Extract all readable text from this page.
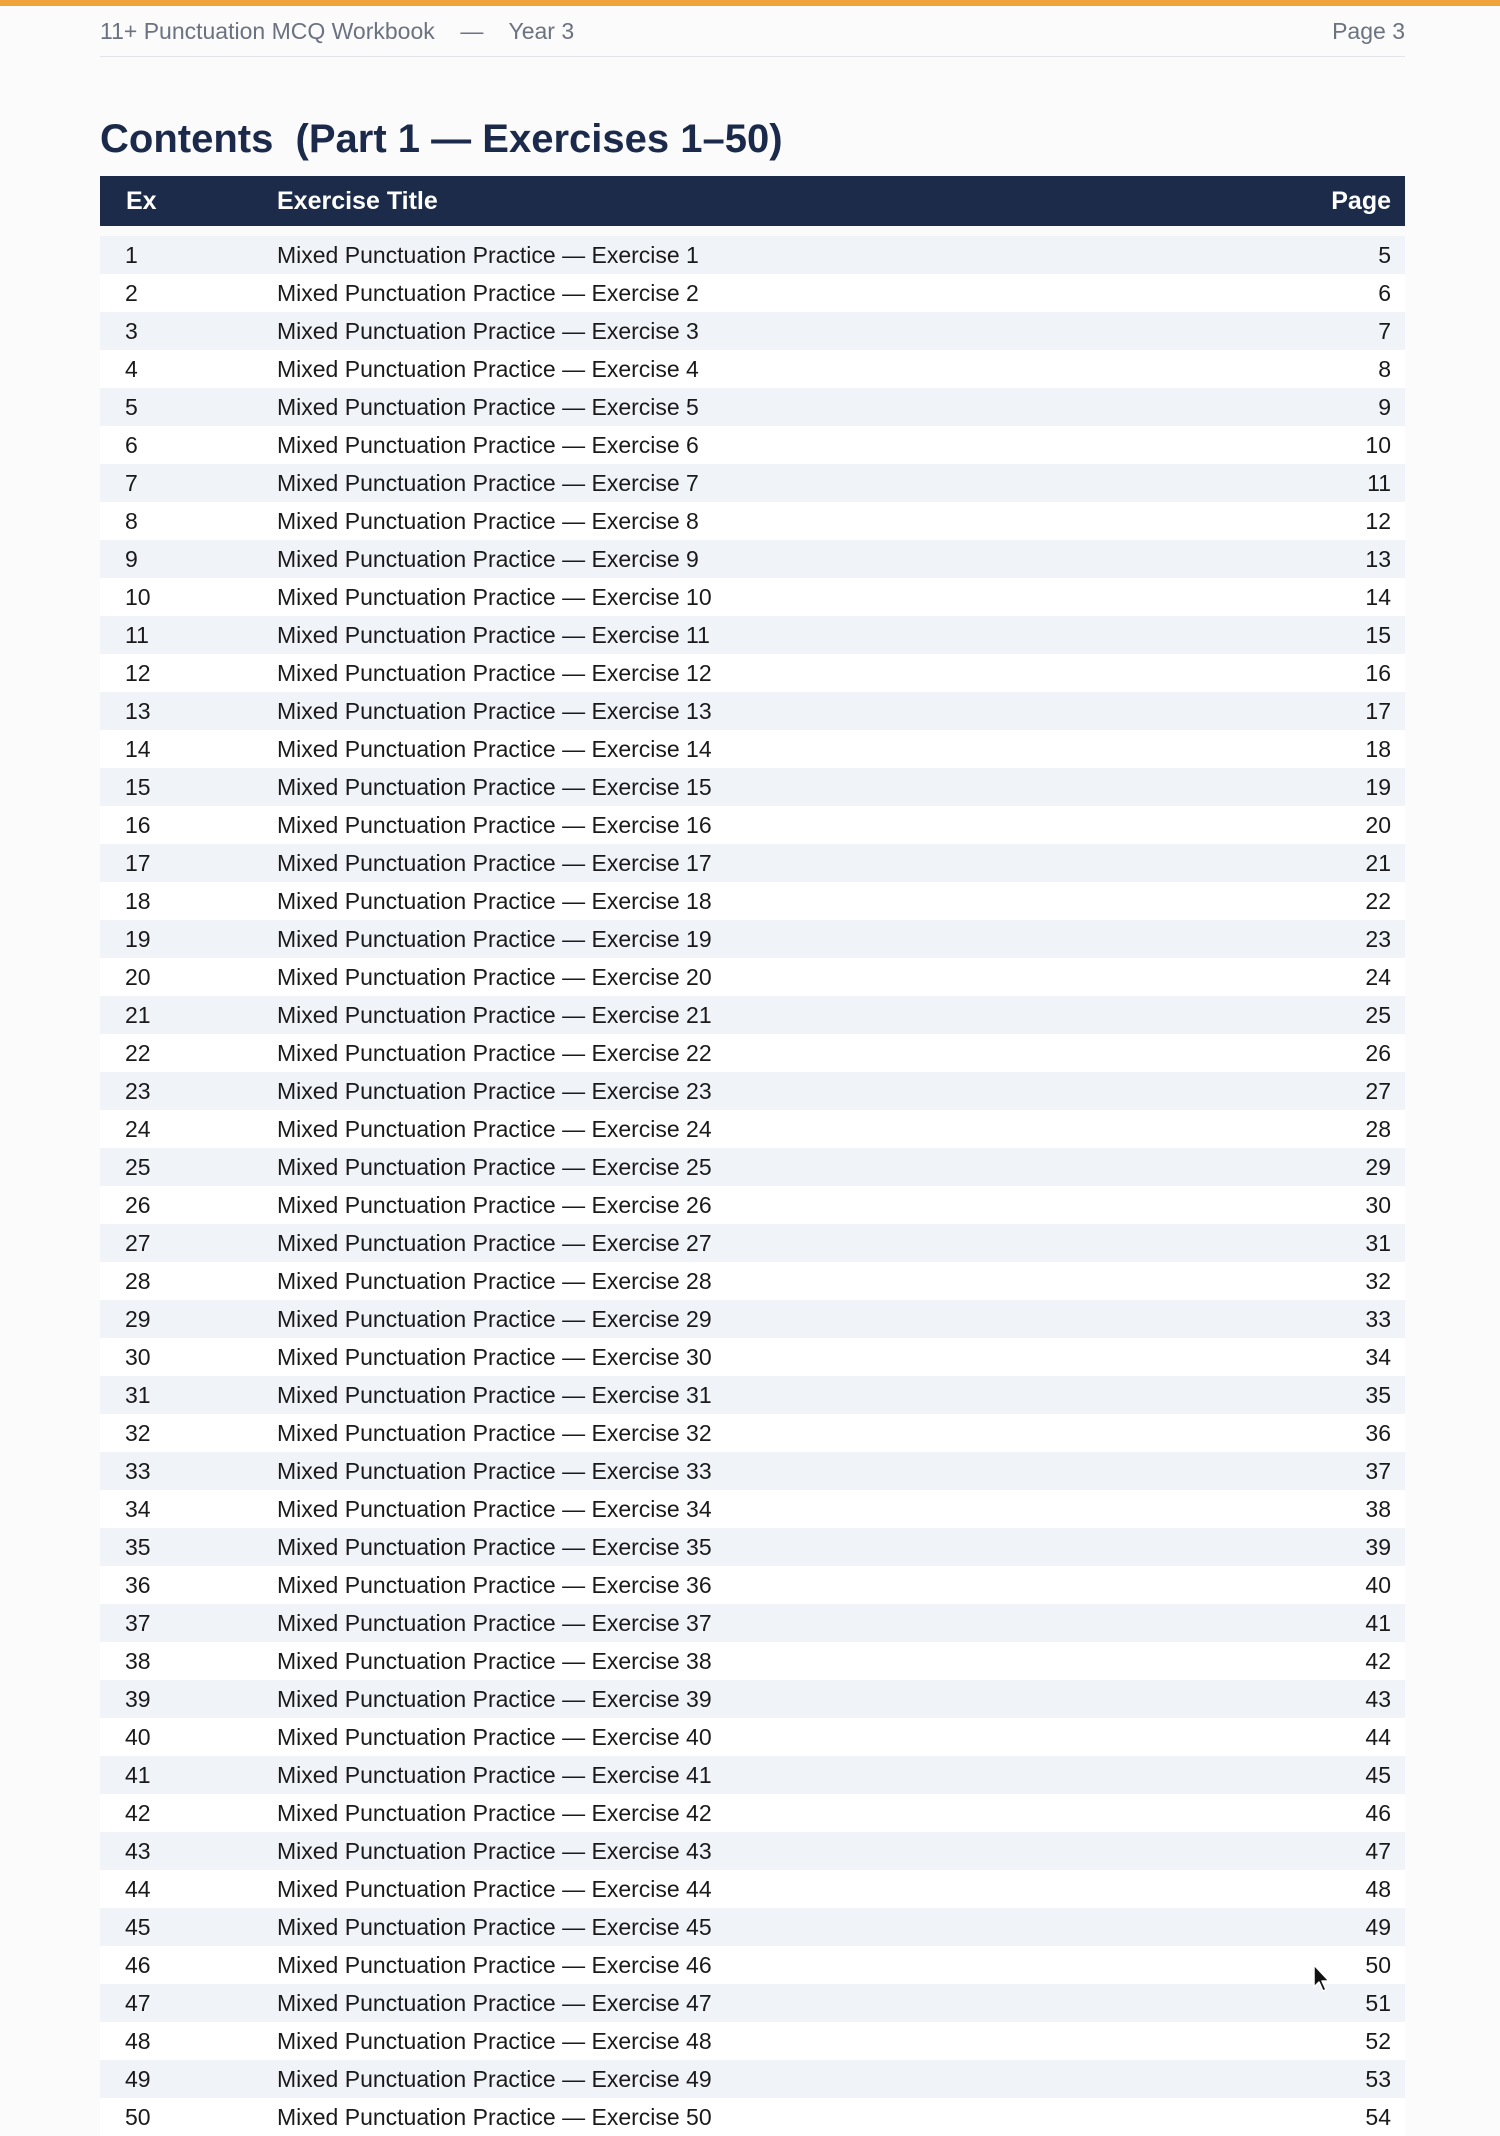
11+ Punctuation MCQ Workbook — Year 3	Page 3
Contents  (Part 1 — Exercises 1–50)
Ex	Exercise Title	Page

1	Mixed Punctuation Practice — Exercise 1	5
2	Mixed Punctuation Practice — Exercise 2	6
3	Mixed Punctuation Practice — Exercise 3	7
4	Mixed Punctuation Practice — Exercise 4	8
5	Mixed Punctuation Practice — Exercise 5	9
6	Mixed Punctuation Practice — Exercise 6	10
7	Mixed Punctuation Practice — Exercise 7	11
8	Mixed Punctuation Practice — Exercise 8	12
9	Mixed Punctuation Practice — Exercise 9	13
10	Mixed Punctuation Practice — Exercise 10	14
11	Mixed Punctuation Practice — Exercise 11	15
12	Mixed Punctuation Practice — Exercise 12	16
13	Mixed Punctuation Practice — Exercise 13	17
14	Mixed Punctuation Practice — Exercise 14	18
15	Mixed Punctuation Practice — Exercise 15	19
16	Mixed Punctuation Practice — Exercise 16	20
17	Mixed Punctuation Practice — Exercise 17	21
18	Mixed Punctuation Practice — Exercise 18	22
19	Mixed Punctuation Practice — Exercise 19	23
20	Mixed Punctuation Practice — Exercise 20	24
21	Mixed Punctuation Practice — Exercise 21	25
22	Mixed Punctuation Practice — Exercise 22	26
23	Mixed Punctuation Practice — Exercise 23	27
24	Mixed Punctuation Practice — Exercise 24	28
25	Mixed Punctuation Practice — Exercise 25	29
26	Mixed Punctuation Practice — Exercise 26	30
27	Mixed Punctuation Practice — Exercise 27	31
28	Mixed Punctuation Practice — Exercise 28	32
29	Mixed Punctuation Practice — Exercise 29	33
30	Mixed Punctuation Practice — Exercise 30	34
31	Mixed Punctuation Practice — Exercise 31	35
32	Mixed Punctuation Practice — Exercise 32	36
33	Mixed Punctuation Practice — Exercise 33	37
34	Mixed Punctuation Practice — Exercise 34	38
35	Mixed Punctuation Practice — Exercise 35	39
36	Mixed Punctuation Practice — Exercise 36	40
37	Mixed Punctuation Practice — Exercise 37	41
38	Mixed Punctuation Practice — Exercise 38	42
39	Mixed Punctuation Practice — Exercise 39	43
40	Mixed Punctuation Practice — Exercise 40	44
41	Mixed Punctuation Practice — Exercise 41	45
42	Mixed Punctuation Practice — Exercise 42	46
43	Mixed Punctuation Practice — Exercise 43	47
44	Mixed Punctuation Practice — Exercise 44	48
45	Mixed Punctuation Practice — Exercise 45	49
46	Mixed Punctuation Practice — Exercise 46	50
47	Mixed Punctuation Practice — Exercise 47	51
48	Mixed Punctuation Practice — Exercise 48	52
49	Mixed Punctuation Practice — Exercise 49	53
50	Mixed Punctuation Practice — Exercise 50	54
